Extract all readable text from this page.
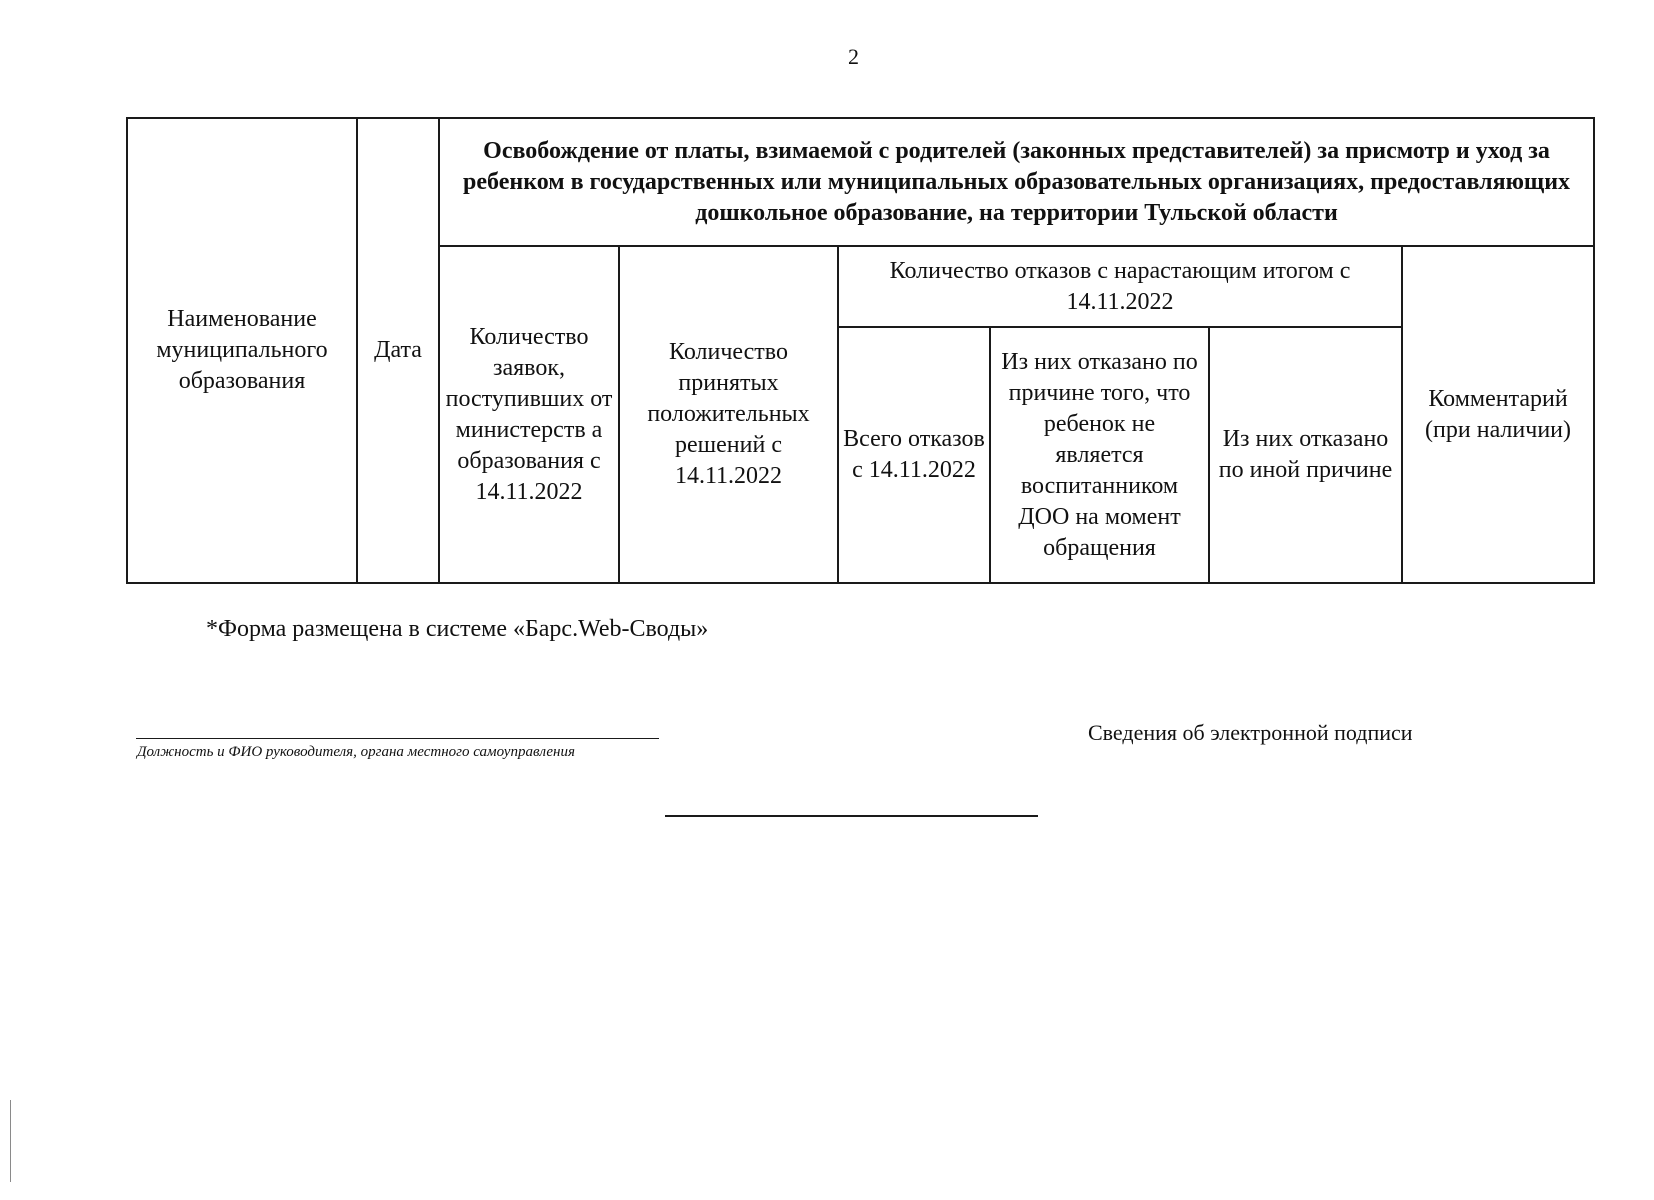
2
Наименование муниципального образования	Дата	Освобождение от платы, взимаемой с родителей (законных представителей) за присмотр и уход за ребенком в государственных или муниципальных образовательных организациях, предоставляющих дошкольное образование, на территории Тульской области					
		Количество заявок, поступивших от министерств а образования с 14.11.2022	Количество принятых положительных решений с 14.11.2022	Количество отказов с нарастающим итогом с 14.11.2022			Комментарий (при наличии)
				Всего отказов с 14.11.2022	Из них отказано по причине того, что ребенок не является воспитанником ДОО на момент обращения	Из них отказано по иной причине	
*Форма размещена в системе «Барс.Web-Своды»
Должность и ФИО руководителя, органа местного самоуправления
Сведения об электронной подписи
